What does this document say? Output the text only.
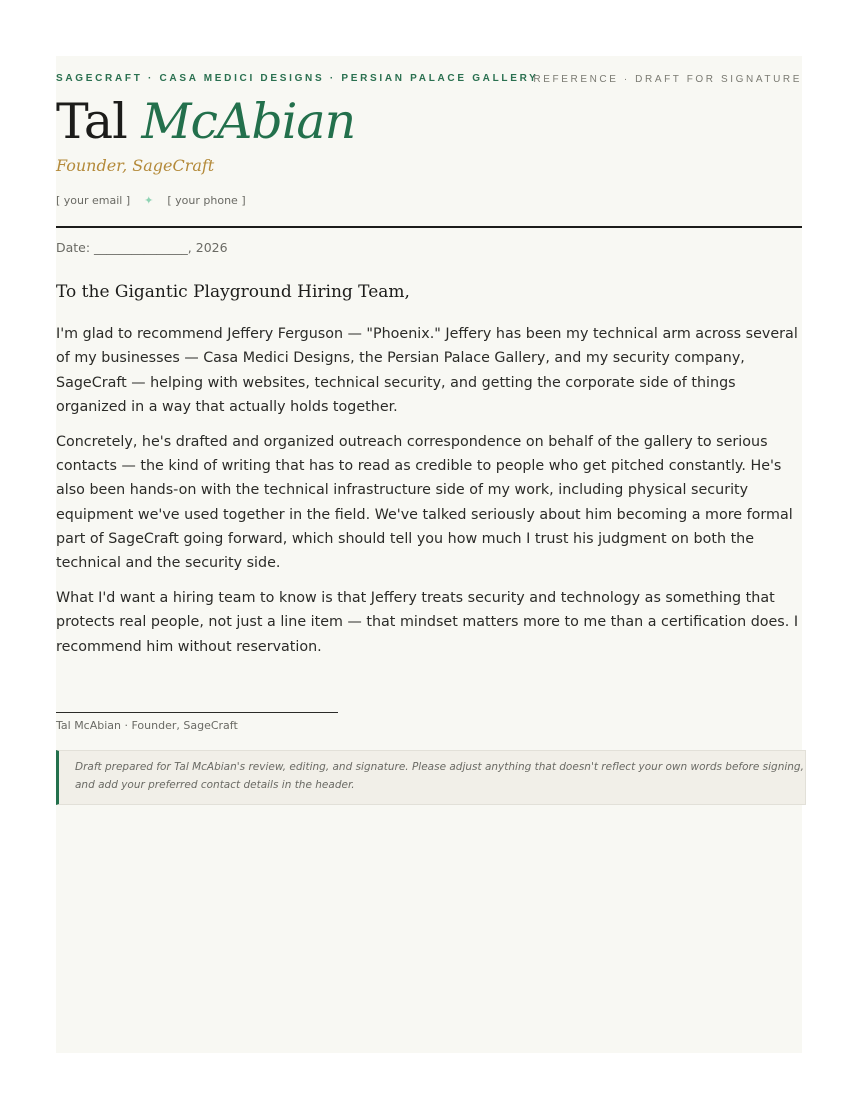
SAGECRAFT · CASA MEDICI DESIGNS · PERSIAN PALACE GALLERY
REFERENCE · DRAFT FOR SIGNATURE
Tal McAbian
Founder, SageCraft
[ your email ] ✦ [ your phone ]
Date: _______________, 2026
To the Gigantic Playground Hiring Team,

I'm glad to recommend Jeffery Ferguson — "Phoenix." Jeffery has been my technical arm across several of my businesses — Casa Medici Designs, the Persian Palace Gallery, and my security company, SageCraft — helping with websites, technical security, and getting the corporate side of things organized in a way that actually holds together.

Concretely, he's drafted and organized outreach correspondence on behalf of the gallery to serious contacts — the kind of writing that has to read as credible to people who get pitched constantly. He's also been hands-on with the technical infrastructure side of my work, including physical security equipment we've used together in the field. We've talked seriously about him becoming a more formal part of SageCraft going forward, which should tell you how much I trust his judgment on both the technical and the security side.

What I'd want a hiring team to know is that Jeffery treats security and technology as something that protects real people, not just a line item — that mindset matters more to me than a certification does. I recommend him without reservation.

Tal McAbian · Founder, SageCraft
Draft prepared for Tal McAbian's review, editing, and signature. Please adjust anything that doesn't reflect your own words before signing, and add your preferred contact details in the header.
